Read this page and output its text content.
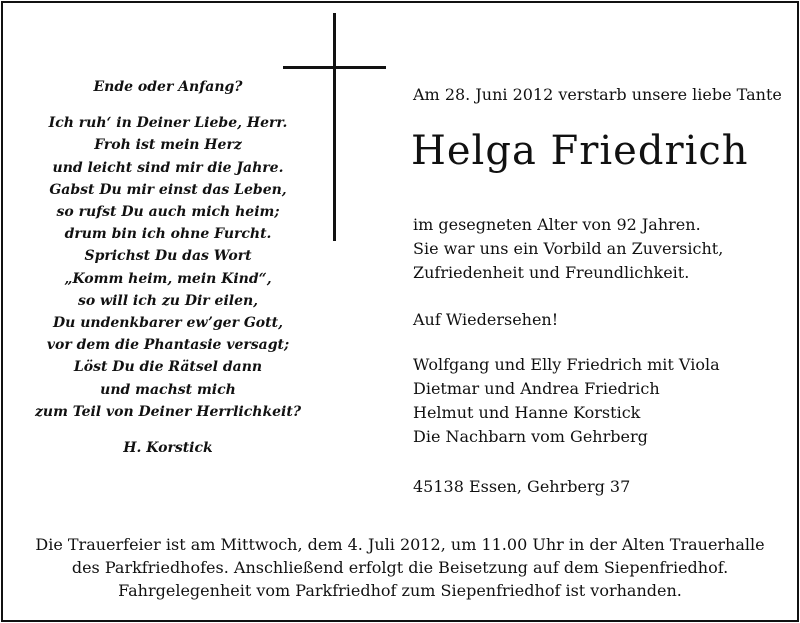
Ende oder Anfang?
Ich ruh‘ in Deiner Liebe, Herr.
Froh ist mein Herz
und leicht sind mir die Jahre.
Gabst Du mir einst das Leben,
so rufst Du auch mich heim;
drum bin ich ohne Furcht.
Sprichst Du das Wort
„Komm heim, mein Kind“,
so will ich zu Dir eilen,
Du undenkbarer ew’ger Gott,
vor dem die Phantasie versagt;
Löst Du die Rätsel dann
und machst mich
zum Teil von Deiner Herrlichkeit?
H. Korstick
Am 28. Juni 2012 verstarb unsere liebe Tante
Helga Friedrich
im gesegneten Alter von 92 Jahren.
Sie war uns ein Vorbild an Zuversicht,
Zufriedenheit und Freundlichkeit.
Auf Wiedersehen!
Wolfgang und Elly Friedrich mit Viola
Dietmar und Andrea Friedrich
Helmut und Hanne Korstick
Die Nachbarn vom Gehrberg
45138 Essen, Gehrberg 37
Die Trauerfeier ist am Mittwoch, dem 4. Juli 2012, um 11.00 Uhr in der Alten Trauerhalle
des Parkfriedhofes. Anschließend erfolgt die Beisetzung auf dem Siepenfriedhof.
Fahrgelegenheit vom Parkfriedhof zum Siepenfriedhof ist vorhanden.
